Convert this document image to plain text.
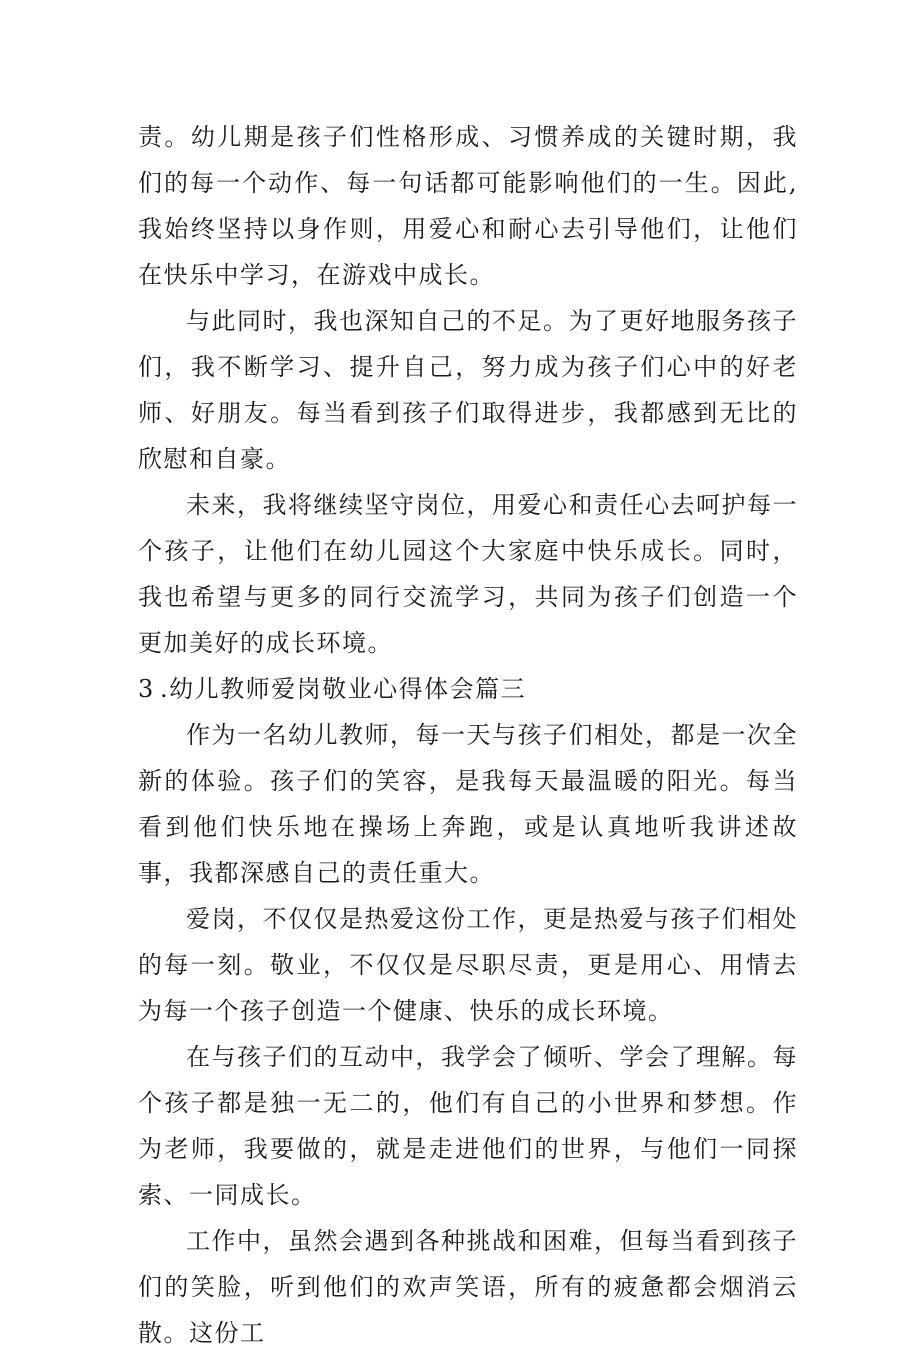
责。幼儿期是孩子们性格形成、习惯养成的关键时期，我们的每一个动作、每一句话都可能影响他们的一生。因此,我始终坚持以身作则，用爱心和耐心去引导他们，让他们在快乐中学习，在游戏中成长。

与此同时，我也深知自己的不足。为了更好地服务孩子们，我不断学习、提升自己，努力成为孩子们心中的好老师、好朋友。每当看到孩子们取得进步，我都感到无比的欣慰和自豪。

未来，我将继续坚守岗位，用爱心和责任心去呵护每一个孩子，让他们在幼儿园这个大家庭中快乐成长。同时，我也希望与更多的同行交流学习，共同为孩子们创造一个更加美好的成长环境。

3 .幼儿教师爱岗敬业心得体会篇三

作为一名幼儿教师，每一天与孩子们相处，都是一次全新的体验。孩子们的笑容，是我每天最温暖的阳光。每当看到他们快乐地在操场上奔跑，或是认真地听我讲述故事，我都深感自己的责任重大。

爱岗，不仅仅是热爱这份工作，更是热爱与孩子们相处的每一刻。敬业，不仅仅是尽职尽责，更是用心、用情去为每一个孩子创造一个健康、快乐的成长环境。

在与孩子们的互动中，我学会了倾听、学会了理解。每个孩子都是独一无二的，他们有自己的小世界和梦想。作为老师，我要做的，就是走进他们的世界，与他们一同探索、一同成长。

工作中，虽然会遇到各种挑战和困难，但每当看到孩子们的笑脸，听到他们的欢声笑语，所有的疲惫都会烟消云散。这份工
